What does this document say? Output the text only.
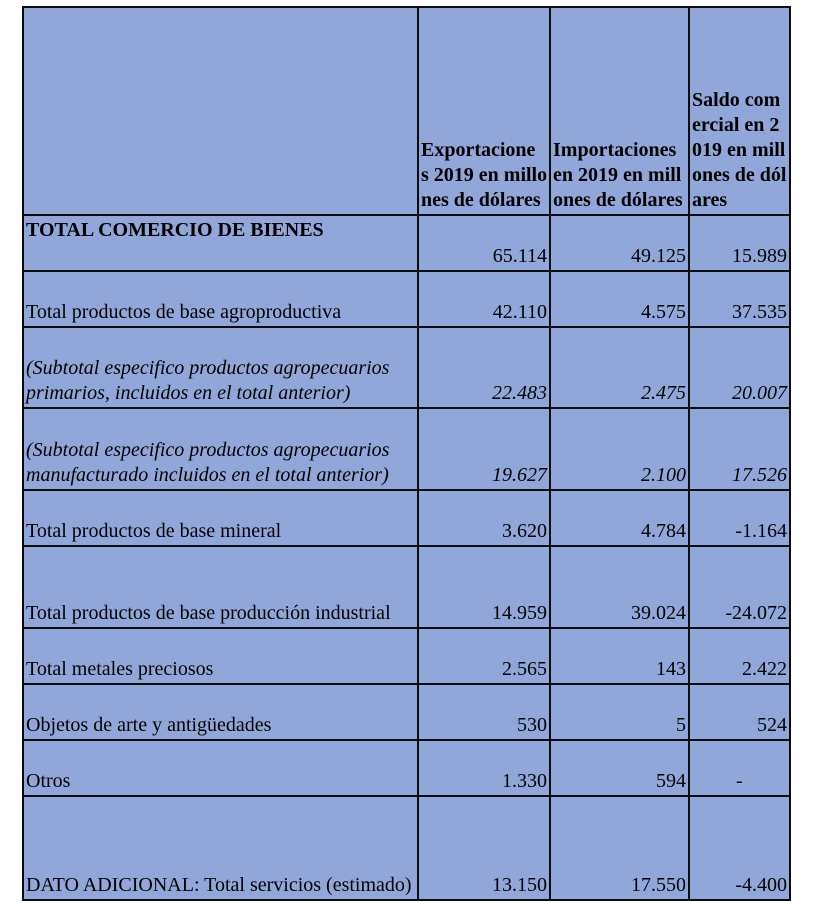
	Exportacione s 2019 en millones de dólares	Importaciones en 2019 en millones de dólares	Saldo comercial en 2019 en millones de dólares
TOTAL COMERCIO DE BIENES	65.114	49.125	15.989
Total productos de base agroproductiva	42.110	4.575	37.535
(Subtotal especifico productos agropecuarios primarios, incluidos en el total anterior)	22.483	2.475	20.007
(Subtotal especifico productos agropecuarios manufacturado incluidos en el total anterior)	19.627	2.100	17.526
Total productos de base mineral	3.620	4.784	-1.164
Total productos de base producción industrial	14.959	39.024	-24.072
Total metales preciosos	2.565	143	2.422
Objetos de arte y antigüedades	530	5	524
Otros	1.330	594	-
DATO ADICIONAL: Total servicios (estimado)	13.150	17.550	-4.400
